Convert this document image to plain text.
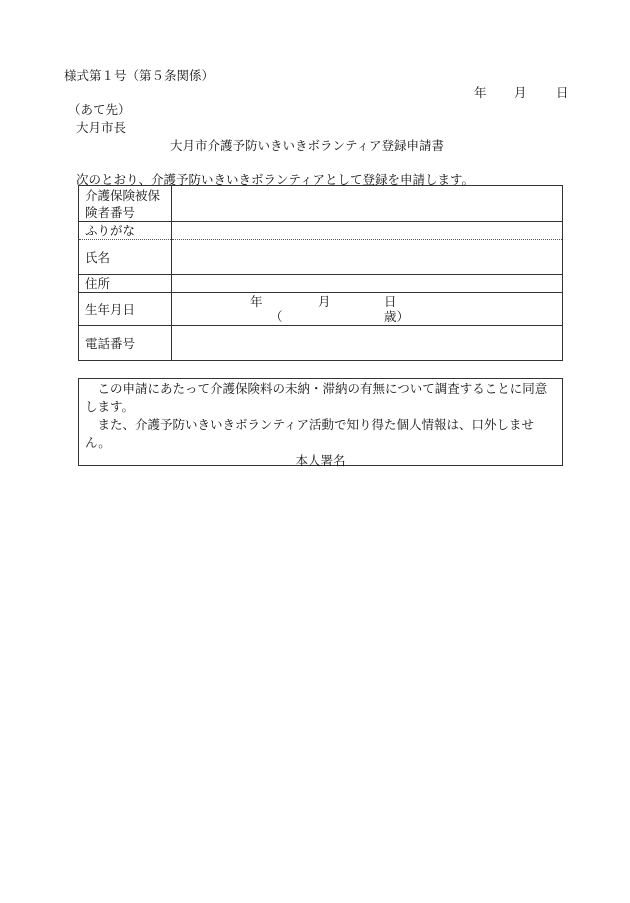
様式第１号（第５条関係）
年 月 日
（あて先）
大月市長
大月市介護予防いきいきボランティア登録申請書
次のとおり、介護予防いきいきボランティアとして登録を申請します。
介護保険被保
険者番号	

ふりがな	
氏名	
住所	
生年月日	年 月 日
（ 歳）

電話番号	

　この申請にあたって介護保険料の未納・滞納の有無について調査することに同意します。

　また、介護予防いきいきボランティア活動で知り得た個人情報は、口外しません。

本人署名
